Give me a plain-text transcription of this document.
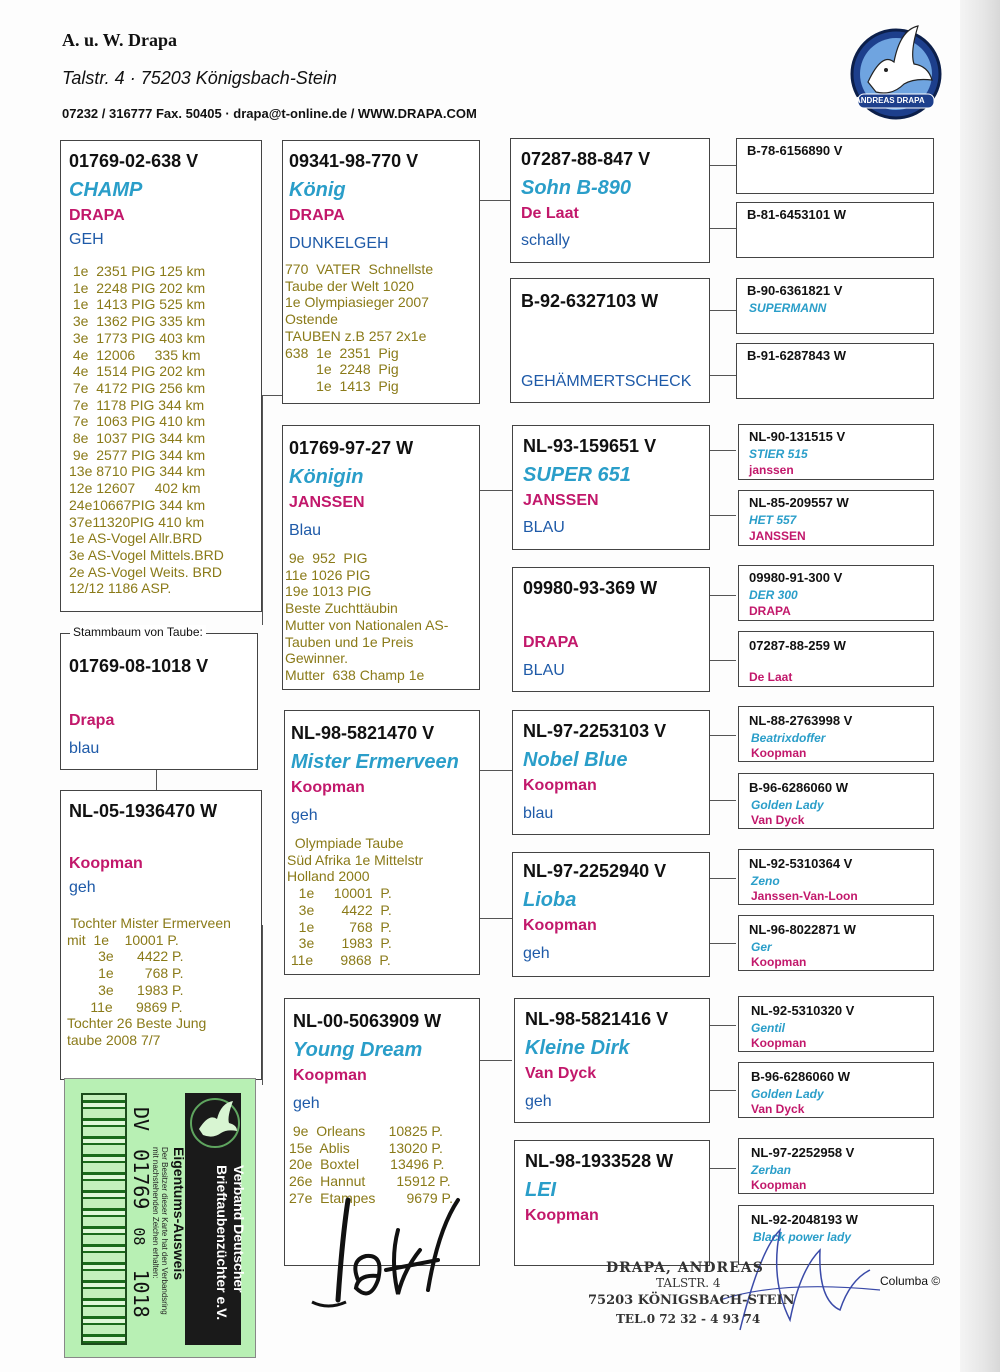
A. u. W. Drapa
Talstr. 4 · 75203 Königsbach-Stein
07232 / 316777 Fax. 50405 · drapa@t-online.de / WWW.DRAPA.COM
ANDREAS DRAPA
01769-02-638 V
CHAMP
DRAPA
GEH
1e  2351 PIG 125 km
1e  2248 PIG 202 km
1e  1413 PIG 525 km
3e  1362 PIG 335 km
3e  1773 PIG 403 km
4e  12006     335 km
4e  1514 PIG 202 km
7e  4172 PIG 256 km
7e  1178 PIG 344 km
7e  1063 PIG 410 km
8e  1037 PIG 344 km
9e  2577 PIG 344 km
13e 8710 PIG 344 km
12e 12607     402 km
24e10667PIG 344 km
37e11320PIG 410 km
1e AS-Vogel Allr.BRD
3e AS-Vogel Mittels.BRD
2e AS-Vogel Weits. BRD
12/12 1186 ASP.
01769-08-1018 V
Drapa
blau
Stammbaum von Taube:
NL-05-1936470 W
Koopman
geh
Tochter Mister Ermerveen
mit  1e    10001 P.
3e      4422 P.
1e        768 P.
3e      1983 P.
11e      9869 P.
Tochter 26 Beste Jung
taube 2008 7/7
09341-98-770 V
König
DRAPA
DUNKELGEH
770  VATER  Schnellste
Taube der Welt 1020
1e Olympiasieger 2007
Ostende
TAUBEN z.B 257 2x1e
638  1e  2351  Pig
1e  2248  Pig
1e  1413  Pig
01769-97-27 W
Königin
JANSSEN
Blau
9e  952  PIG
11e 1026 PIG
19e 1013 PIG
Beste Zuchttäubin
Mutter von Nationalen AS-
Tauben und 1e Preis
Gewinner.
Mutter  638 Champ 1e
NL-98-5821470 V
Mister Ermerveen
Koopman
geh
Olympiade Taube
Süd Afrika 1e Mittelstr
Holland 2000
1e     10001  P.
3e       4422  P.
1e         768  P.
3e       1983  P.
11e       9868  P.
NL-00-5063909 W
Young Dream
Koopman
geh
9e  Orleans      10825 P.
15e  Ablis          13020 P.
20e  Boxtel        13496 P.
26e  Hannut        15912 P.
27e  Etampes        9679 P.
07287-88-847 V
Sohn B-890
De Laat
schally
B-92-6327103 W
GEHÄMMERTSCHECK
NL-93-159651 V
SUPER 651
JANSSEN
BLAU
09980-93-369 W
DRAPA
BLAU
NL-97-2253103 V
Nobel Blue
Koopman
blau
NL-97-2252940 V
Lioba
Koopman
geh
NL-98-5821416 V
Kleine Dirk
Van Dyck
geh
NL-98-1933528 W
LEI
Koopman
B-78-6156890 V
B-81-6453101 W
B-90-6361821 V
SUPERMANN
B-91-6287843 W
NL-90-131515 V
STIER 515
janssen
NL-85-209557 W
HET 557
JANSSEN
09980-91-300 V
DER 300
DRAPA
07287-88-259 W
De Laat
NL-88-2763998 V
Beatrixdoffer
Koopman
B-96-6286060 W
Golden Lady
Van Dyck
NL-92-5310364 V
Zeno
Janssen-Van-Loon
NL-96-8022871 W
Ger
Koopman
NL-92-5310320 V
Gentil
Koopman
B-96-6286060 W
Golden Lady
Van Dyck
NL-97-2252958 V
Zerban
Koopman
NL-92-2048193 W
Black power lady
Verband Deutscher
Brieftaubenzüchter e.V.
Eigentums-Ausweis
Der Besitzer dieser Karte hat den Verbandsring
mit nachstehenden Zeichen erhalten:
DV 01769 08 1018
DRAPA, ANDREAS
TALSTR. 4
75203 KÖNIGSBACH-STEIN
TEL.0 72 32 - 4 93 74
Columba ©
